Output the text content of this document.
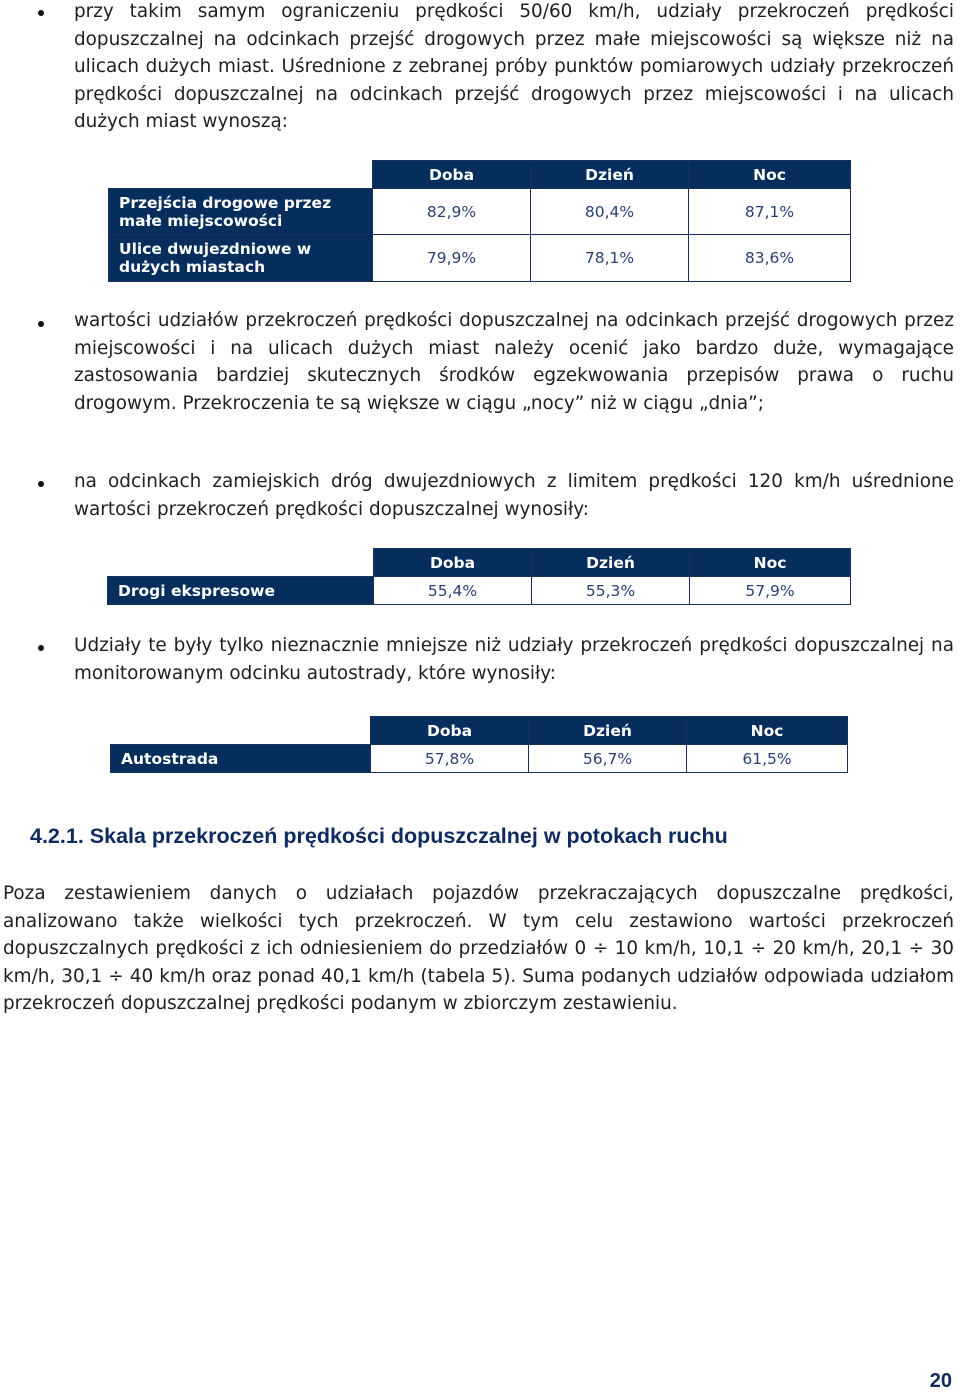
przy takim samym ograniczeniu prędkości 50/60 km/h, udziały przekroczeń prędkości dopuszczalnej na odcinkach przejść drogowych przez małe miejscowości są większe niż na ulicach dużych miast. Uśrednione z zebranej próby punktów pomiarowych udziały przekroczeń prędkości dopuszczalnej na odcinkach przejść drogowych przez miejscowości i na ulicach dużych miast wynoszą:

	Doba	Dzień	Noc
Przejścia drogowe przez małe miejscowości	82,9%	80,4%	87,1%
Ulice dwujezdniowe w dużych miastach	79,9%	78,1%	83,6%

wartości udziałów przekroczeń prędkości dopuszczalnej na odcinkach przejść drogowych przez miejscowości i na ulicach dużych miast należy ocenić jako bardzo duże, wymagające zastosowania bardziej skutecznych środków egzekwowania przepisów prawa o ruchu drogowym. Przekroczenia te są większe w ciągu „nocy” niż w ciągu „dnia”;

na odcinkach zamiejskich dróg dwujezdniowych z limitem prędkości 120 km/h uśrednione wartości przekroczeń prędkości dopuszczalnej wynosiły:

	Doba	Dzień	Noc
Drogi ekspresowe	55,4%	55,3%	57,9%

Udziały te były tylko nieznacznie mniejsze niż udziały przekroczeń prędkości dopuszczalnej na monitorowanym odcinku autostrady, które wynosiły:

	Doba	Dzień	Noc
Autostrada	57,8%	56,7%	61,5%
4.2.1. Skala przekroczeń prędkości dopuszczalnej w potokach ruchu

Poza zestawieniem danych o udziałach pojazdów przekraczających dopuszczalne prędkości, analizowano także wielkości tych przekroczeń. W tym celu zestawiono wartości przekroczeń dopuszczalnych prędkości z ich odniesieniem do przedziałów 0 ÷ 10 km/h, 10,1 ÷ 20 km/h, 20,1 ÷ 30 km/h, 30,1 ÷ 40 km/h oraz ponad 40,1 km/h (tabela 5). Suma podanych udziałów odpowiada udziałom przekroczeń dopuszczalnej prędkości podanym w zbiorczym zestawieniu.

20
